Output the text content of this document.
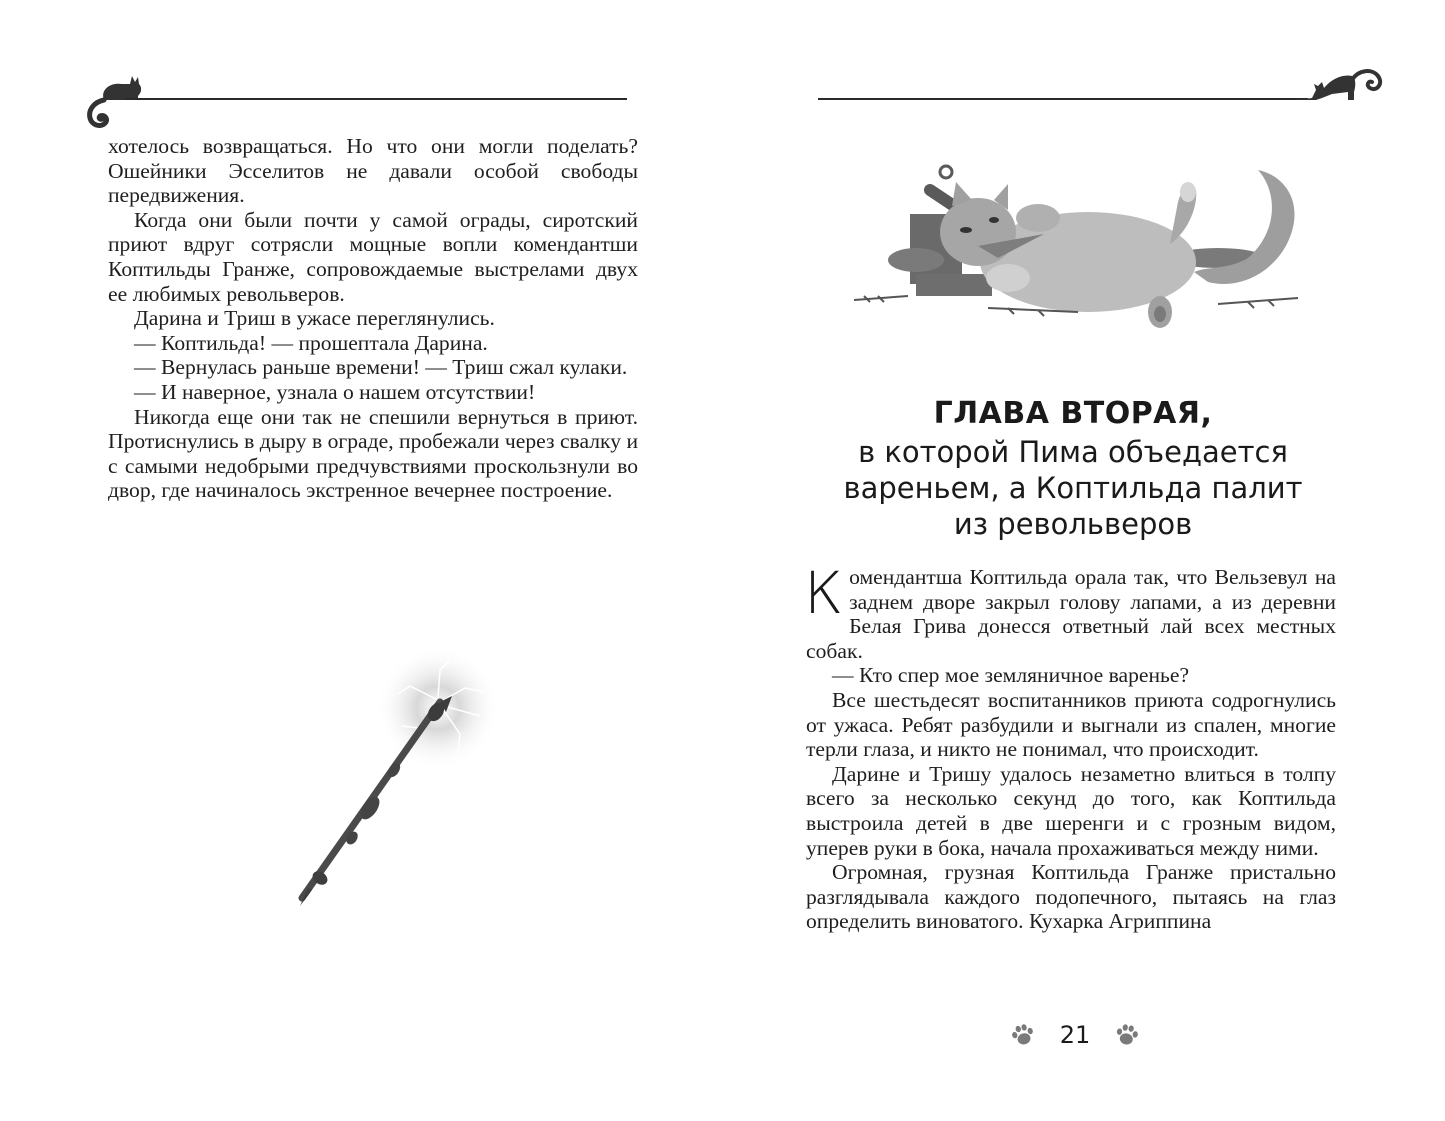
хотелось возвращаться. Но что они могли поделать? Ошейники Эсселитов не давали особой свободы передвижения.

Когда они были почти у самой ограды, сиротский приют вдруг сотрясли мощные вопли комендантши Коптильды Гранже, сопровождаемые выстрелами двух ее любимых револьверов.

Дарина и Триш в ужасе переглянулись.

— Коптильда! — прошептала Дарина.

— Вернулась раньше времени! — Триш сжал кулаки.

— И наверное, узнала о нашем отсутствии!

Никогда еще они так не спешили вернуться в приют. Протиснулись в дыру в ограде, пробежали через свалку и с самыми недобрыми предчувствиями проскользнули во двор, где начиналось экстренное вечернее построение.

ГЛАВА ВТОРАЯ,
в которой Пима объедается
вареньем, а Коптильда палит
из револьверов

Комендантша Коптильда орала так, что Вельзевул на заднем дворе закрыл голову лапами, а из деревни Белая Грива донесся ответный лай всех местных собак.

— Кто спер мое земляничное варенье?

Все шестьдесят воспитанников приюта содрогнулись от ужаса. Ребят разбудили и выгнали из спален, многие терли глаза, и никто не понимал, что происходит.

Дарине и Тришу удалось незаметно влиться в толпу всего за несколько секунд до того, как Коптильда выстроила детей в две шеренги и с грозным видом, уперев руки в бока, начала прохаживаться между ними.

Огромная, грузная Коптильда Гранже пристально разглядывала каждого подопечного, пытаясь на глаз определить виноватого. Кухарка Агриппина

21
